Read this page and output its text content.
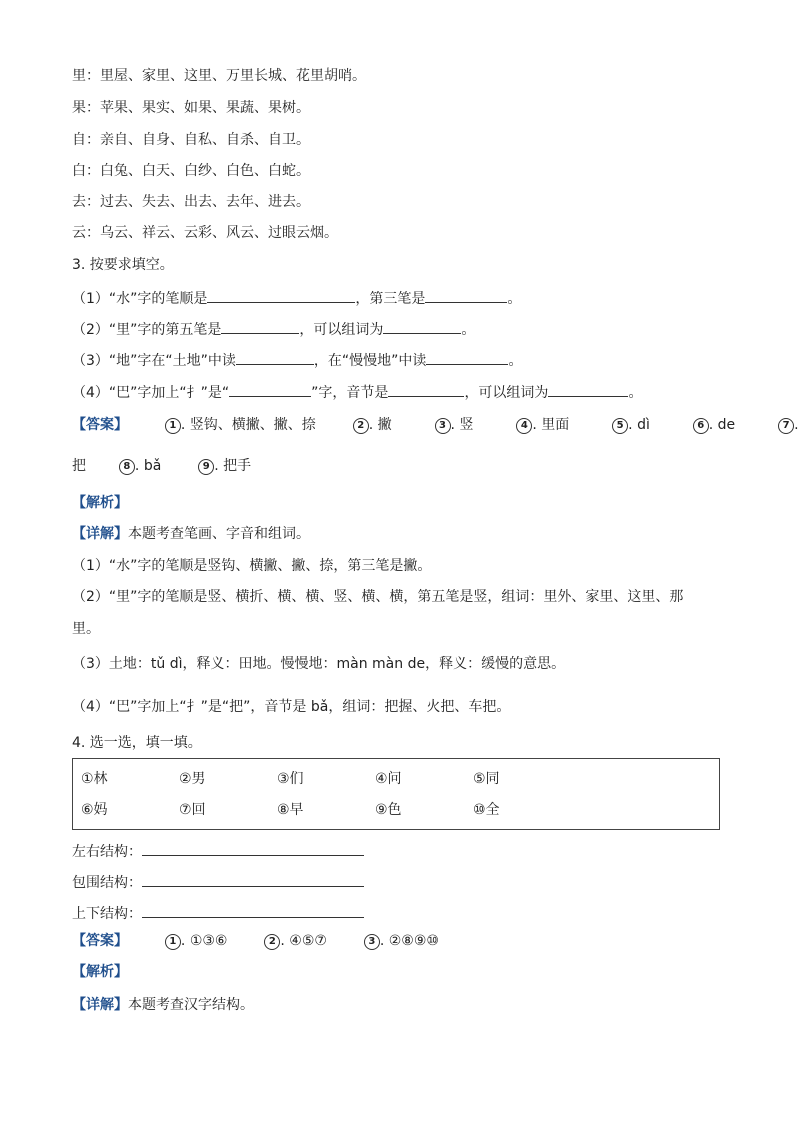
里：里屋、家里、这里、万里长城、花里胡哨。
果：苹果、果实、如果、果蔬、果树。
自：亲自、自身、自私、自杀、自卫。
白：白兔、白天、白纱、白色、白蛇。
去：过去、失去、出去、去年、进去。
云：乌云、祥云、云彩、风云、过眼云烟。
3. 按要求填空。
（1）“水”字的笔顺是	，第三笔是	。
（2）“里”字的第五笔是	，可以组词为	。
（3）“地”字在“土地”中读	，在“慢慢地”中读	。
（4）“巴”字加上“扌”是“	”字，音节是	，可以组词为	。
【答案】	1 . 竖钩、横撇、撇、捺	2 . 撇	3 . 竖	4 . 里面	5 . dì	6 . de	7 .
把	8 . bǎ	9 . 把手
【解析】
【详解】本题考查笔画、字音和组词。
（1）“水”字的笔顺是竖钩、横撇、撇、捺，第三笔是撇。
（2）“里”字的笔顺是竖、横折、横、横、竖、横、横，第五笔是竖，组词：里外、家里、这里、那
里。
（3）土地：tǔ dì，释义：田地。慢慢地：màn màn de，释义：缓慢的意思。
（4）“巴”字加上“扌”是“把”，音节是 bǎ，组词：把握、火把、车把。
4. 选一选，填一填。
①林	②男	③们	④问	⑤同
⑥妈	⑦回	⑧早	⑨色	⑩全
左右结构：
包围结构：
上下结构：
【答案】	1 . ①③⑥	2 . ④⑤⑦	3 . ②⑧⑨⑩
【解析】
【详解】本题考查汉字结构。
